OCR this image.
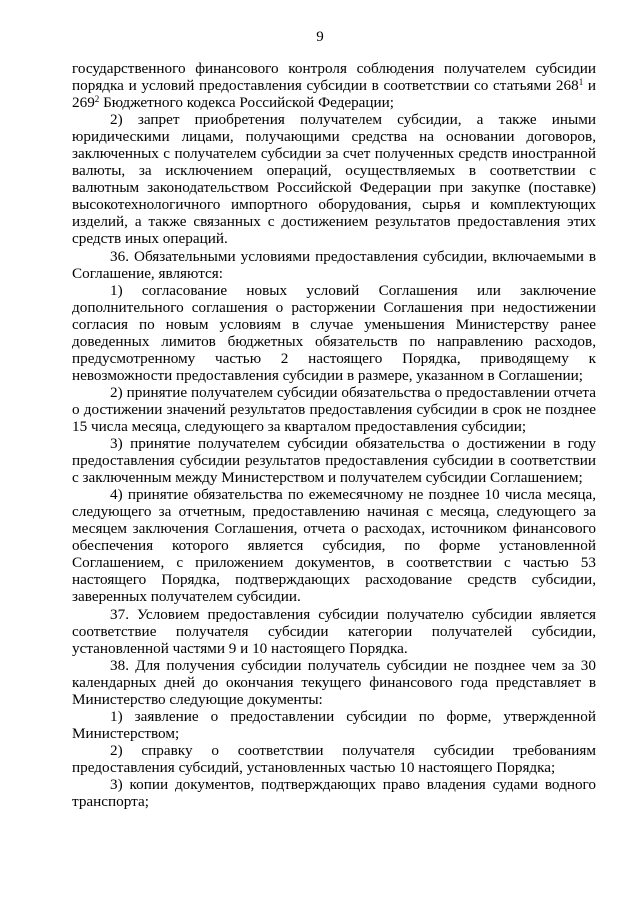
9

государственного финансового контроля соблюдения получателем субсидии порядка и условий предоставления субсидии в соответствии со статьями $268^1$ и $269^2$ Бюджетного кодекса Российской Федерации;

2) запрет приобретения получателем субсидии, а также иными юридическими лицами, получающими средства на основании договоров, заключенных с получателем субсидии за счет полученных средств иностранной валюты, за исключением операций, осуществляемых в соответствии с валютным законодательством Российской Федерации при закупке (поставке) высокотехнологичного импортного оборудования, сырья и комплектующих изделий, а также связанных с достижением результатов предоставления этих средств иных операций.

36. Обязательными условиями предоставления субсидии, включаемыми в Соглашение, являются:

1) согласование новых условий Соглашения или заключение дополнительного соглашения о расторжении Соглашения при недостижении согласия по новым условиям в случае уменьшения Министерству ранее доведенных лимитов бюджетных обязательств по направлению расходов, предусмотренному частью 2 настоящего Порядка, приводящему к невозможности предоставления субсидии в размере, указанном в Соглашении;

2) принятие получателем субсидии обязательства о предоставлении отчета о достижении значений результатов предоставления субсидии в срок не позднее 15 числа месяца, следующего за кварталом предоставления субсидии;

3) принятие получателем субсидии обязательства о достижении в году предоставления субсидии результатов предоставления субсидии в соответствии с заключенным между Министерством и получателем субсидии Соглашением;

4) принятие обязательства по ежемесячному не позднее 10 числа месяца, следующего за отчетным, предоставлению начиная с месяца, следующего за месяцем заключения Соглашения, отчета о расходах, источником финансового обеспечения которого является субсидия, по форме установленной Соглашением, с приложением документов, в соответствии с частью 53 настоящего Порядка, подтверждающих расходование средств субсидии, заверенных получателем субсидии.

37. Условием предоставления субсидии получателю субсидии является соответствие получателя субсидии категории получателей субсидии, установленной частями 9 и 10 настоящего Порядка.

38. Для получения субсидии получатель субсидии не позднее чем за 30 календарных дней до окончания текущего финансового года представляет в Министерство следующие документы:

1) заявление о предоставлении субсидии по форме, утвержденной Министерством;

2) справку о соответствии получателя субсидии требованиям предоставления субсидий, установленных частью 10 настоящего Порядка;

3) копии документов, подтверждающих право владения судами водного транспорта;
